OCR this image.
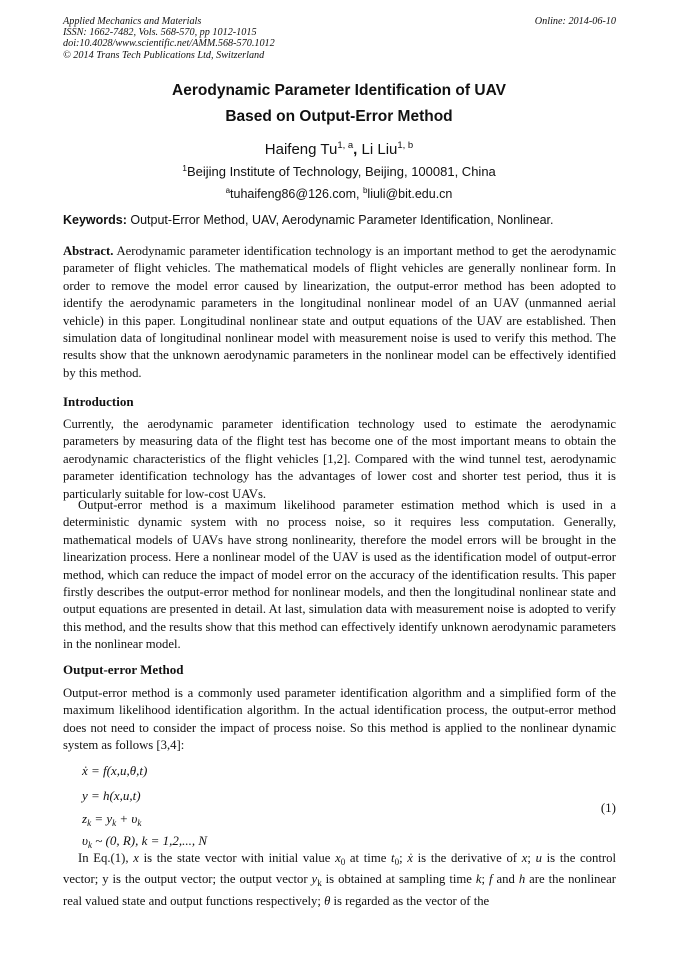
Applied Mechanics and Materials
ISSN: 1662-7482, Vols. 568-570, pp 1012-1015
doi:10.4028/www.scientific.net/AMM.568-570.1012
© 2014 Trans Tech Publications Ltd, Switzerland
Online: 2014-06-10
Aerodynamic Parameter Identification of UAV
Based on Output-Error Method
Haifeng Tu$^{1, a}$, Li Liu$^{1, b}$
$^1$Beijing Institute of Technology, Beijing, 100081, China
$^a$tuhaifeng86@126.com, $^b$liuli@bit.edu.cn
Keywords: Output-Error Method, UAV, Aerodynamic Parameter Identification, Nonlinear.
Abstract. Aerodynamic parameter identification technology is an important method to get the aerodynamic parameter of flight vehicles. The mathematical models of flight vehicles are generally nonlinear form. In order to remove the model error caused by linearization, the output-error method has been adopted to identify the aerodynamic parameters in the longitudinal nonlinear model of an UAV (unmanned aerial vehicle) in this paper. Longitudinal nonlinear state and output equations of the UAV are established. Then simulation data of longitudinal nonlinear model with measurement noise is used to verify this method. The results show that the unknown aerodynamic parameters in the nonlinear model can be effectively identified by this method.
Introduction
Currently, the aerodynamic parameter identification technology used to estimate the aerodynamic parameters by measuring data of the flight test has become one of the most important means to obtain the aerodynamic characteristics of the flight vehicles [1,2]. Compared with the wind tunnel test, aerodynamic parameter identification technology has the advantages of lower cost and shorter test period, thus it is particularly suitable for low-cost UAVs.
Output-error method is a maximum likelihood parameter estimation method which is used in a deterministic dynamic system with no process noise, so it requires less computation. Generally, mathematical models of UAVs have strong nonlinearity, therefore the model errors will be brought in the linearization process. Here a nonlinear model of the UAV is used as the identification model of output-error method, which can reduce the impact of model error on the accuracy of the identification results. This paper firstly describes the output-error method for nonlinear models, and then the longitudinal nonlinear state and output equations are presented in detail. At last, simulation data with measurement noise is adopted to verify this method, and the results show that this method can effectively identify unknown aerodynamic parameters in the nonlinear model.
Output-error Method
Output-error method is a commonly used parameter identification algorithm and a simplified form of the maximum likelihood identification algorithm. In the actual identification process, the output-error method does not need to consider the impact of process noise. So this method is applied to the nonlinear dynamic system as follows [3,4]:
ẋ = f(x,u,θ,t)
y = h(x,u,t)
$z_k = y_k + \upsilon_k$
$\upsilon_k$ ~ (0, R), k = 1,2,..., N
(1)
In Eq.(1), x is the state vector with initial value $x_0$ at time $t_0$; ẋ is the derivative of x; u is the control vector; y is the output vector; the output vector $y_k$ is obtained at sampling time k; f and h are the nonlinear real valued state and output functions respectively; θ is regarded as the vector of the
